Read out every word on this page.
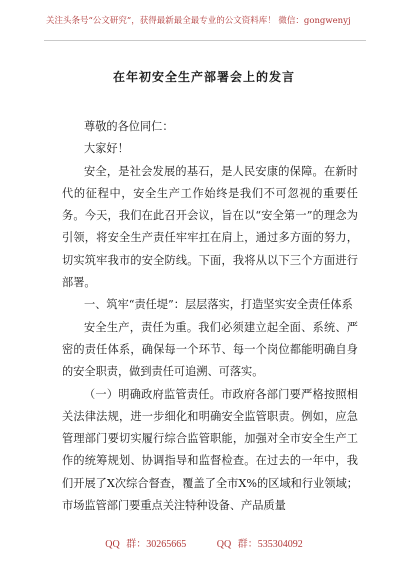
关注头条号“公文研究”，获得最新最全最专业的公文资料库！ 微信：gongwenyj
在年初安全生产部署会上的发言

尊敬的各位同仁：

大家好！

安全，是社会发展的基石，是人民安康的保障。在新时代的征程中，安全生产工作始终是我们不可忽视的重要任务。今天，我们在此召开会议，旨在以“安全第一”的理念为引领，将安全生产责任牢牢扛在肩上，通过多方面的努力，切实筑牢我市的安全防线。下面，我将从以下三个方面进行部署。

一、筑牢“责任堤”：层层落实，打造坚实安全责任体系

安全生产，责任为重。我们必须建立起全面、系统、严密的责任体系，确保每一个环节、每一个岗位都能明确自身的安全职责，做到责任可追溯、可落实。

（一）明确政府监管责任。市政府各部门要严格按照相关法律法规，进一步细化和明确安全监管职责。例如，应急管理部门要切实履行综合监管职能，加强对全市安全生产工作的统筹规划、协调指导和监督检查。在过去的一年中，我们开展了X次综合督查，覆盖了全市X%的区域和行业领域；市场监管部门要重点关注特种设备、产品质量

QQ 群：30265665	QQ 群：535304092
